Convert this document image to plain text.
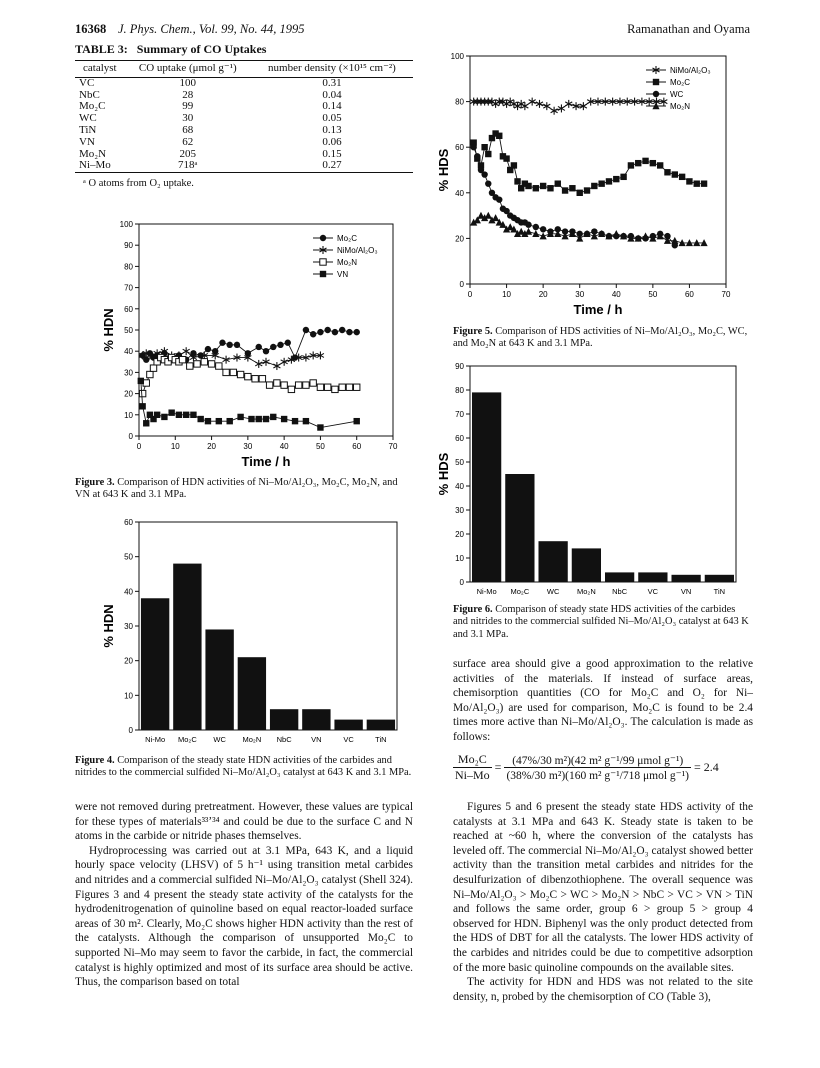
16368 J. Phys. Chem., Vol. 99, No. 44, 1995	Ramanathan and Oyama
TABLE 3: Summary of CO Uptakes
catalyst	CO uptake (μmol g⁻¹)	number density (×10¹⁵ cm⁻²)
VC	100	0.31
NbC	28	0.04
Mo₂C	99	0.14
WC	30	0.05
TiN	68	0.13
VN	62	0.06
Mo₂N	205	0.15
Ni–Mo	718ᵃ	0.27
ᵃ O atoms from O₂ uptake.
0
10
20
30
40
50
60
70
80
90
100
0	10	20	30	40	50	60	70
Time / h
% HDN
Mo₂C
NiMo/Al₂O₃
Mo₂N
VN
Figure 3. Comparison of HDN activities of Ni–Mo/Al₂O₃, Mo₂C, Mo₂N, and VN at 643 K and 3.1 MPa.
0
10
20
30
40
50
60
Ni-Mo Mo₂C WC Mo₂N NbC	VN	VC	TiN
% HDN
Figure 4. Comparison of the steady state HDN activities of the carbides and nitrides to the commercial sulfided Ni–Mo/Al₂O₃ catalyst at 643 K and 3.1 MPa.

were not removed during pretreatment. However, these values are typical for these types of materials³³ʼ³⁴ and could be due to the surface C and N atoms in the carbide or nitride phases themselves.

Hydroprocessing was carried out at 3.1 MPa, 643 K, and a liquid hourly space velocity (LHSV) of 5 h⁻¹ using transition metal carbides and nitrides and a commercial sulfided Ni–Mo/Al₂O₃ catalyst (Shell 324). Figures 3 and 4 present the steady state activity of the catalysts for the hydrodenitrogenation of quinoline based on equal reactor-loaded surface areas of 30 m². Clearly, Mo₂C shows higher HDN activity than the rest of the catalysts. Although the comparison of unsupported Mo₂C to supported Ni–Mo may seem to favor the carbide, in fact, the commercial catalyst is highly optimized and most of its surface area should be active. Thus, the comparison based on total

0
20
40
60
80
100
0	10	20	30	40	50	60	70
Time / h
% HDS
NiMo/Al₂O₃
Mo₂C
WC
Mo₂N
Figure 5. Comparison of HDS activities of Ni–Mo/Al₂O₃, Mo₂C, WC, and Mo₂N at 643 K and 3.1 MPa.
0
10
20
30
40
50
60
70
80
90
Ni-Mo Mo₂C WC Mo₂N NbC	VC	VN	TiN
% HDS
Figure 6. Comparison of steady state HDS activities of the carbides and nitrides to the commercial sulfided Ni–Mo/Al₂O₃ catalyst at 643 K and 3.1 MPa.

surface area should give a good approximation to the relative activities of the materials. If instead of surface areas, chemisorption quantities (CO for Mo₂C and O₂ for Ni–Mo/Al₂O₃) are used for comparison, Mo₂C is found to be 2.4 times more active than Ni–Mo/Al₂O₃. The calculation is made as follows:

$\frac{\text{Mo₂C}}{Ni-Mo} = \frac{\text{(47\%/30 m²)(42 m² g⁻¹/99 μmol g⁻¹)}}{\text{(38\%/30 m²)(160 m² g⁻¹/718 μmol g⁻¹)}} = 2.4$

Figures 5 and 6 present the steady state HDS activity of the catalysts at 3.1 MPa and 643 K. Steady state is taken to be reached at ~60 h, where the conversion of the catalysts has leveled off. The commercial Ni–Mo/Al₂O₃ catalyst showed better activity than the transition metal carbides and nitrides for the desulfurization of dibenzothiophene. The overall sequence was Ni–Mo/Al₂O₃ > Mo₂C > WC > Mo₂N > NbC > VC > VN > TiN and follows the same order, group 6 > group 5 > group 4 observed for HDN. Biphenyl was the only product detected from the HDS of DBT for all the catalysts. The lower HDS activity of the carbides and nitrides could be due to competitive adsorption of the more basic quinoline compounds on the available sites.

The activity for HDN and HDS was not related to the site density, n, probed by the chemisorption of CO (Table 3),
